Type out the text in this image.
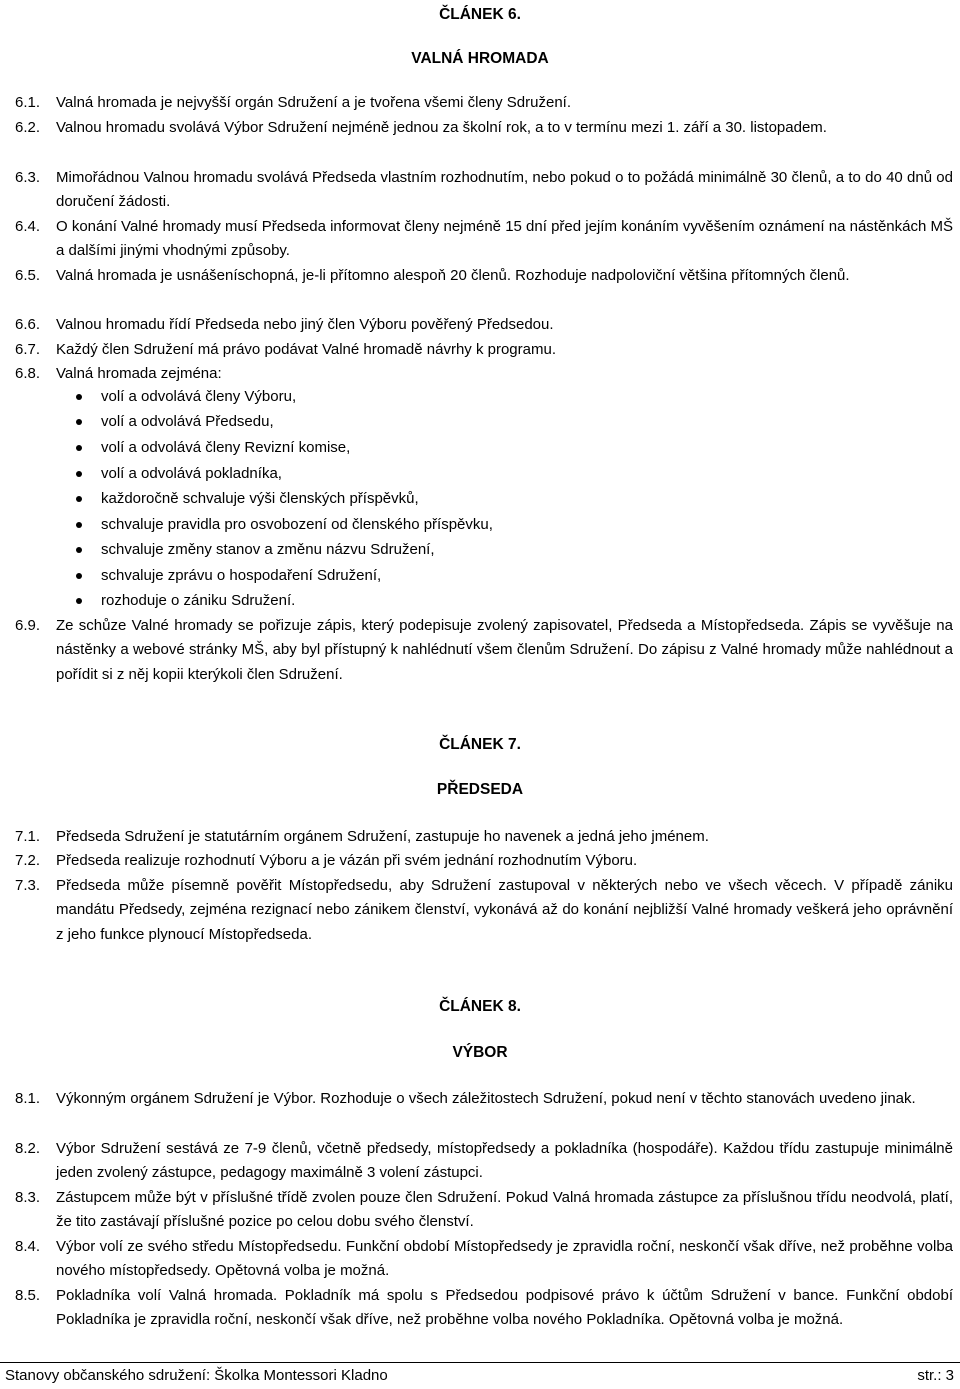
ČLÁNEK 6.
VALNÁ HROMADA
6.1. Valná hromada je nejvyšší orgán Sdružení a je tvořena všemi členy Sdružení.
6.2. Valnou hromadu svolává Výbor Sdružení nejméně jednou za školní rok, a to v termínu mezi 1. září a 30. listopadem.
6.3. Mimořádnou Valnou hromadu svolává Předseda vlastním rozhodnutím, nebo pokud o to požádá minimálně 30 členů, a to do 40 dnů od doručení žádosti.
6.4. O konání Valné hromady musí Předseda informovat členy nejméně 15 dní před jejím konáním vyvěšením oznámení na nástěnkách MŠ a dalšími jinými vhodnými způsoby.
6.5. Valná hromada je usnášeníschopná, je-li přítomno alespoň 20 členů. Rozhoduje nadpoloviční většina přítomných členů.
6.6. Valnou hromadu řídí Předseda nebo jiný člen Výboru pověřený Předsedou.
6.7. Každý člen Sdružení má právo podávat Valné hromadě návrhy k programu.
6.8. Valná hromada zejména:
volí a odvolává členy Výboru,
volí a odvolává Předsedu,
volí a odvolává členy Revizní komise,
volí a odvolává pokladníka,
každoročně schvaluje výši členských příspěvků,
schvaluje pravidla pro osvobození od členského příspěvku,
schvaluje změny stanov a změnu názvu Sdružení,
schvaluje zprávu o hospodaření Sdružení,
rozhoduje o zániku Sdružení.
6.9. Ze schůze Valné hromady se pořizuje zápis, který podepisuje zvolený zapisovatel, Předseda a Místopředseda. Zápis se vyvěšuje na nástěnky a webové stránky MŠ, aby byl přístupný k nahlédnutí všem členům Sdružení. Do zápisu z Valné hromady může nahlédnout a pořídit si z něj kopii kterýkoli člen Sdružení.
ČLÁNEK 7.
PŘEDSEDA
7.1. Předseda Sdružení je statutárním orgánem Sdružení, zastupuje ho navenek a jedná jeho jménem.
7.2. Předseda realizuje rozhodnutí Výboru a je vázán při svém jednání rozhodnutím Výboru.
7.3. Předseda může písemně pověřit Místopředsedu, aby Sdružení zastupoval v některých nebo ve všech věcech. V případě zániku mandátu Předsedy, zejména rezignací nebo zánikem členství, vykonává až do konání nejbližší Valné hromady veškerá jeho oprávnění z jeho funkce plynoucí Místopředseda.
ČLÁNEK 8.
VÝBOR
8.1. Výkonným orgánem Sdružení je Výbor. Rozhoduje o všech záležitostech Sdružení, pokud není v těchto stanovách uvedeno jinak.
8.2. Výbor Sdružení sestává ze 7-9 členů, včetně předsedy, místopředsedy a pokladníka (hospodáře). Každou třídu zastupuje minimálně jeden zvolený zástupce, pedagogy maximálně 3 volení zástupci.
8.3. Zástupcem může být v příslušné třídě zvolen pouze člen Sdružení. Pokud Valná hromada zástupce za příslušnou třídu neodvolá, platí, že tito zastávají příslušné pozice po celou dobu svého členství.
8.4. Výbor volí ze svého středu Místopředsedu. Funkční období Místopředsedy je zpravidla roční, neskončí však dříve, než proběhne volba nového místopředsedy. Opětovná volba je možná.
8.5. Pokladníka volí Valná hromada. Pokladník má spolu s Předsedou podpisové právo k účtům Sdružení v bance. Funkční období Pokladníka je zpravidla roční, neskončí však dříve, než proběhne volba nového Pokladníka. Opětovná volba je možná.
Stanovy občanského sdružení: Školka Montessori Kladno	str.: 3
